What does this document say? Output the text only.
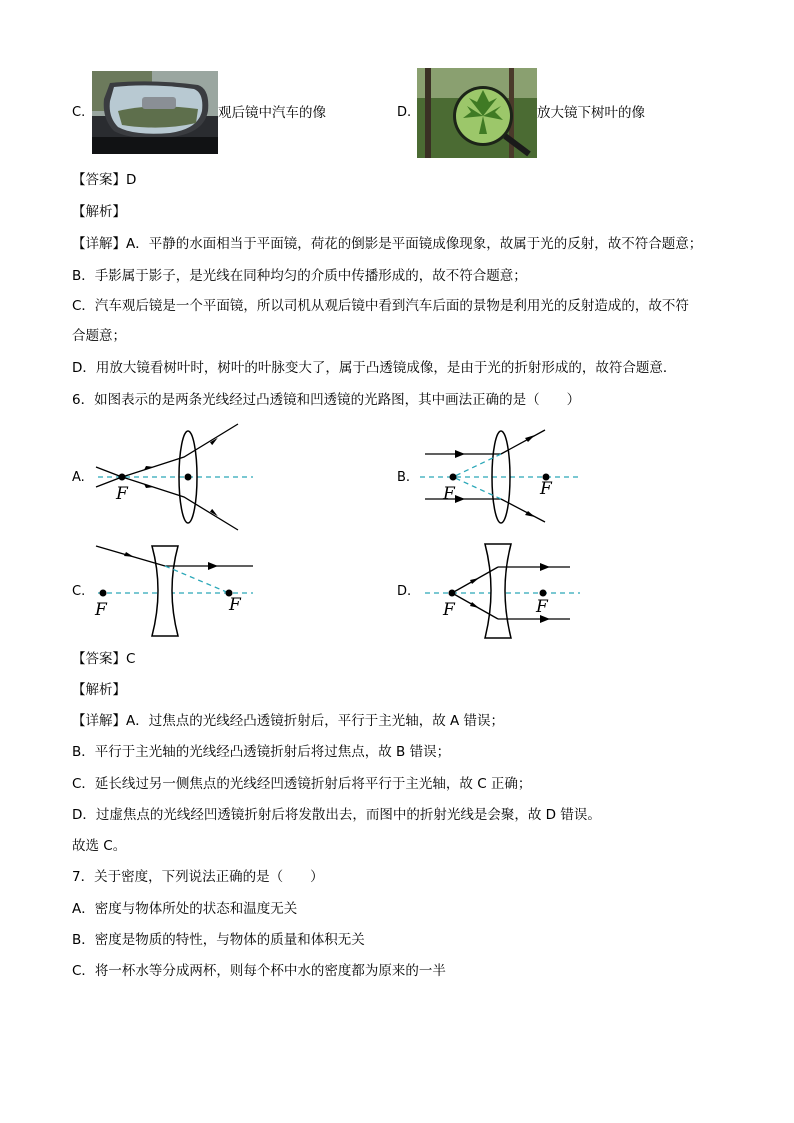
C.	观后镜中汽车的像	D.	放大镜下树叶的像
【答案】D
【解析】
【详解】A．平静的水面相当于平面镜，荷花的倒影是平面镜成像现象，故属于光的反射，故不符合题意；
B．手影属于影子，是光线在同种均匀的介质中传播形成的，故不符合题意；
C．汽车观后镜是一个平面镜，所以司机从观后镜中看到汽车后面的景物是利用光的反射造成的，故不符
合题意；
D．用放大镜看树叶时，树叶的叶脉变大了，属于凸透镜成像，是由于光的折射形成的，故符合题意．
6．如图表示的是两条光线经过凸透镜和凹透镜的光路图，其中画法正确的是（　　）
A.
F
B.
F	F
C.
F	F
D.
F	F
【答案】C
【解析】
【详解】A．过焦点的光线经凸透镜折射后，平行于主光轴，故 A 错误；
B．平行于主光轴的光线经凸透镜折射后将过焦点，故 B 错误；
C．延长线过另一侧焦点的光线经凹透镜折射后将平行于主光轴，故 C 正确；
D．过虚焦点的光线经凹透镜折射后将发散出去，而图中的折射光线是会聚，故 D 错误。
故选 C。
7．关于密度，下列说法正确的是（　　）
A．密度与物体所处的状态和温度无关
B．密度是物质的特性，与物体的质量和体积无关
C．将一杯水等分成两杯，则每个杯中水的密度都为原来的一半
